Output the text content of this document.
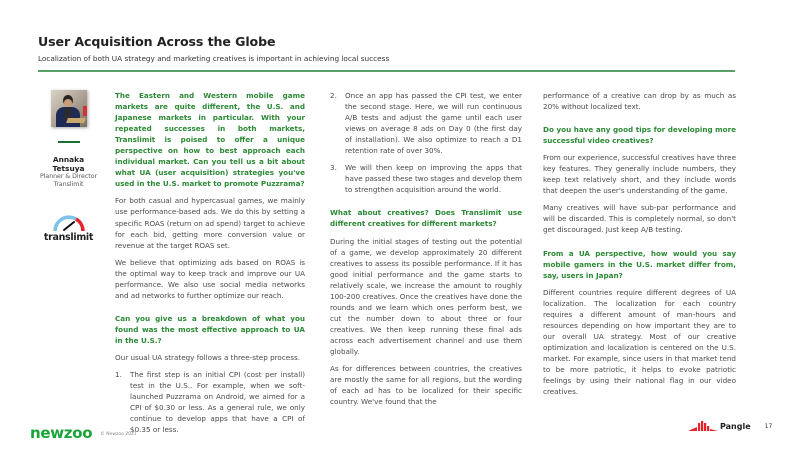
User Acquisition Across the Globe
Localization of both UA strategy and marketing creatives is important in achieving local success
Annaka Tetsuya
Planner & Director
Translimit
translimit
The Eastern and Western mobile game markets are quite different, the U.S. and Japanese markets in particular. With your repeated successes in both markets, Translimit is poised to offer a unique perspective on how to best approach each individual market. Can you tell us a bit about what UA (user acquisition) strategies you've used in the U.S. market to promote Puzzrama?
For both casual and hypercasual games, we mainly use performance-based ads. We do this by setting a specific ROAS (return on ad spend) target to achieve for each bid, getting more conversion value or revenue at the target ROAS set.
We believe that optimizing ads based on ROAS is the optimal way to keep track and improve our UA performance. We also use social media networks and ad networks to further optimize our reach.
Can you give us a breakdown of what you found was the most effective approach to UA in the U.S.?
Our usual UA strategy follows a three-step process.
1.	The first step is an initial CPI (cost per install) test in the U.S.. For example, when we soft-launched Puzzrama on Android, we aimed for a CPI of $0.30 or less. As a general rule, we only continue to develop apps that have a CPI of $0.35 or less.
2.	Once an app has passed the CPI test, we enter the second stage. Here, we will run continuous A/B tests and adjust the game until each user views on average 8 ads on Day 0 (the first day of installation). We also optimize to reach a D1 retention rate of over 30%.
3.	We will then keep on improving the apps that have passed these two stages and develop them to strengthen acquisition around the world.
What about creatives? Does Translimit use different creatives for different markets?
During the initial stages of testing out the potential of a game, we develop approximately 20 different creatives to assess its possible performance. If it has good initial performance and the game starts to relatively scale, we increase the amount to roughly 100-200 creatives. Once the creatives have done the rounds and we learn which ones perform best, we cut the number down to about three or four creatives. We then keep running these final ads across each advertisement channel and use them globally.
As for differences between countries, the creatives are mostly the same for all regions, but the wording of each ad has to be localized for their specific country. We've found that the
performance of a creative can drop by as much as 20% without localized text.
Do you have any good tips for developing more successful video creatives?
From our experience, successful creatives have three key features. They generally include numbers, they keep text relatively short, and they include words that deepen the user's understanding of the game.
Many creatives will have sub-par performance and will be discarded. This is completely normal, so don't get discouraged. Just keep A/B testing.
From a UA perspective, how would you say mobile gamers in the U.S. market differ from, say, users in Japan?
Different countries require different degrees of UA localization. The localization for each country requires a different amount of man-hours and resources depending on how important they are to our overall UA strategy. Most of our creative optimization and localization is centered on the U.S. market. For example, since users in that market tend to be more patriotic, it helps to evoke patriotic feelings by using their national flag in our video creatives.
newzoo © Newzoo 2021
Pangle 17
